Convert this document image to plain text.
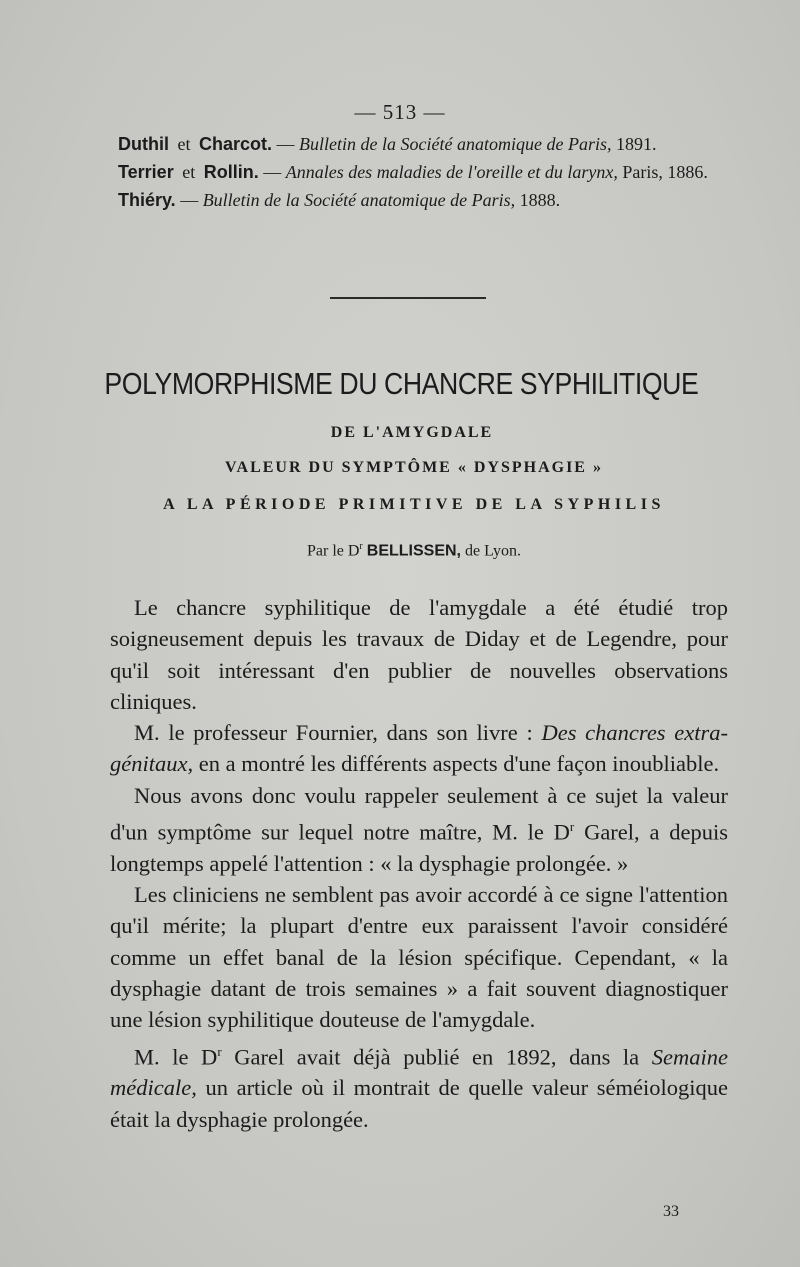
— 513 —

Duthil et Charcot. — Bulletin de la Société anatomique de Paris, 1891.

Terrier et Rollin. — Annales des maladies de l'oreille et du larynx, Paris, 1886.

Thiéry. — Bulletin de la Société anatomique de Paris, 1888.

POLYMORPHISME DU CHANCRE SYPHILITIQUE
DE L'AMYGDALE
VALEUR DU SYMPTÔME « DYSPHAGIE »
A LA PÉRIODE PRIMITIVE DE LA SYPHILIS
Par le $D^r$ BELLISSEN, de Lyon.

Le chancre syphilitique de l'amygdale a été étudié trop soigneusement depuis les travaux de Diday et de Legendre, pour qu'il soit intéressant d'en publier de nouvelles observations cliniques.

M. le professeur Fournier, dans son livre : Des chancres extra-génitaux, en a montré les différents aspects d'une façon inoubliable.

Nous avons donc voulu rappeler seulement à ce sujet la valeur d'un symptôme sur lequel notre maître, M. le $D^r$ Garel, a depuis longtemps appelé l'attention : « la dysphagie prolongée. »

Les cliniciens ne semblent pas avoir accordé à ce signe l'attention qu'il mérite; la plupart d'entre eux paraissent l'avoir considéré comme un effet banal de la lésion spécifique. Cependant, « la dysphagie datant de trois semaines » a fait souvent diagnostiquer une lésion syphilitique douteuse de l'amygdale.

M. le $D^r$ Garel avait déjà publié en 1892, dans la Semaine médicale, un article où il montrait de quelle valeur séméiologique était la dysphagie prolongée.

33
